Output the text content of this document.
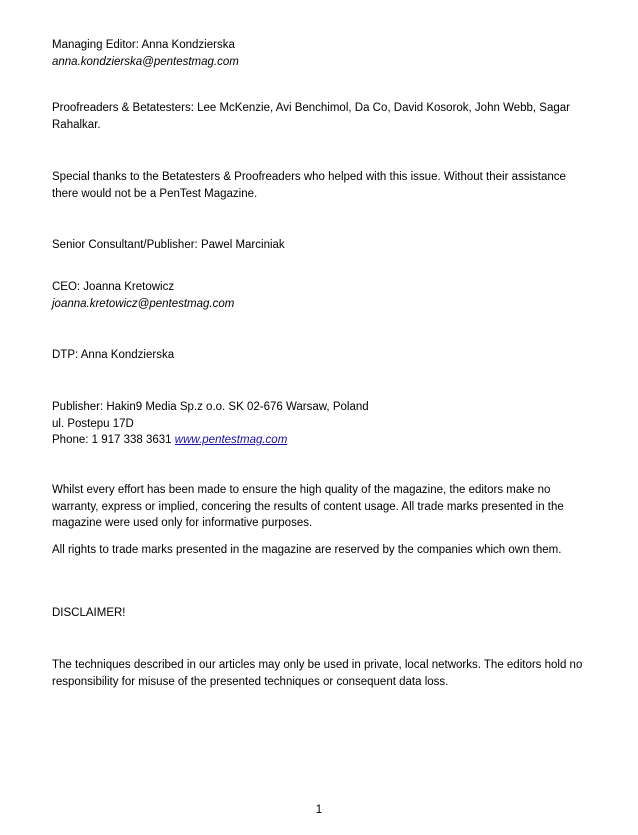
Managing Editor: Anna Kondzierska
anna.kondzierska@pentestmag.com
Proofreaders & Betatesters: Lee McKenzie, Avi Benchimol, Da Co, David Kosorok, John Webb, Sagar Rahalkar.
Special thanks to the Betatesters & Proofreaders who helped with this issue. Without their assistance there would not be a PenTest Magazine.
Senior Consultant/Publisher: Pawel Marciniak
CEO: Joanna Kretowicz
joanna.kretowicz@pentestmag.com
DTP: Anna Kondzierska
Publisher: Hakin9 Media Sp.z o.o. SK 02-676 Warsaw, Poland
ul. Postepu 17D
Phone: 1 917 338 3631 www.pentestmag.com
Whilst every effort has been made to ensure the high quality of the magazine, the editors make no warranty, express or implied, concering the results of content usage. All trade marks presented in the magazine were used only for informative purposes.
All rights to trade marks presented in the magazine are reserved by the companies which own them.
DISCLAIMER!
The techniques described in our articles may only be used in private, local networks. The editors hold no responsibility for misuse of the presented techniques or consequent data loss.
1
